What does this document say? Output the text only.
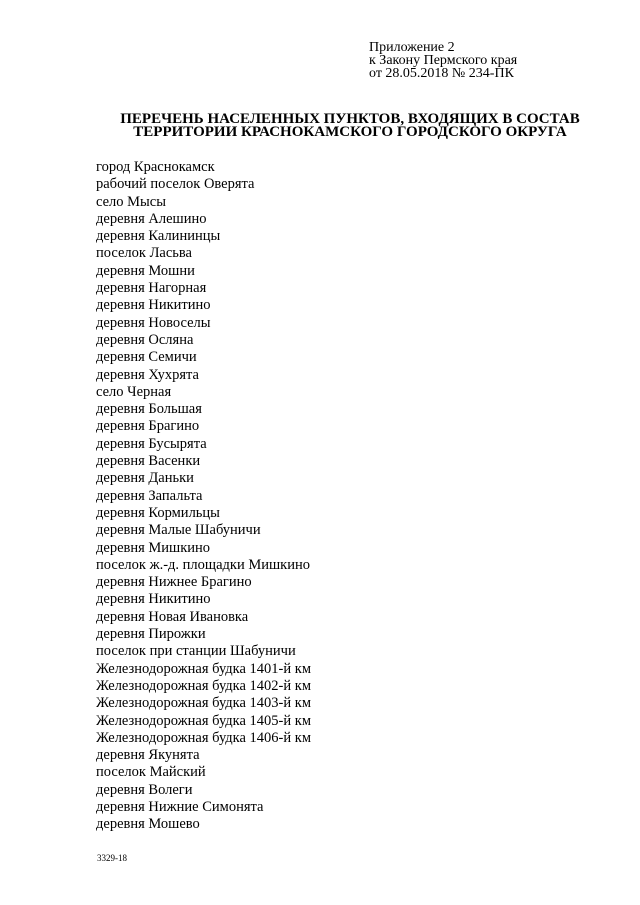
Приложение 2
к Закону Пермского края
от 28.05.2018 № 234-ПК
ПЕРЕЧЕНЬ НАСЕЛЕННЫХ ПУНКТОВ, ВХОДЯЩИХ В СОСТАВ
ТЕРРИТОРИИ КРАСНОКАМСКОГО ГОРОДСКОГО ОКРУГА
город Краснокамск
рабочий поселок Оверята
село Мысы
деревня Алешино
деревня Калининцы
поселок Ласьва
деревня Мошни
деревня Нагорная
деревня Никитино
деревня Новоселы
деревня Осляна
деревня Семичи
деревня Хухрята
село Черная
деревня Большая
деревня Брагино
деревня Бусырята
деревня Васенки
деревня Даньки
деревня Запальта
деревня Кормильцы
деревня Малые Шабуничи
деревня Мишкино
поселок ж.-д. площадки Мишкино
деревня Нижнее Брагино
деревня Никитино
деревня Новая Ивановка
деревня Пирожки
поселок при станции Шабуничи
Железнодорожная будка 1401-й км
Железнодорожная будка 1402-й км
Железнодорожная будка 1403-й км
Железнодорожная будка 1405-й км
Железнодорожная будка 1406-й км
деревня Якунята
поселок Майский
деревня Волеги
деревня Нижние Симонята
деревня Мошево
3329-18
